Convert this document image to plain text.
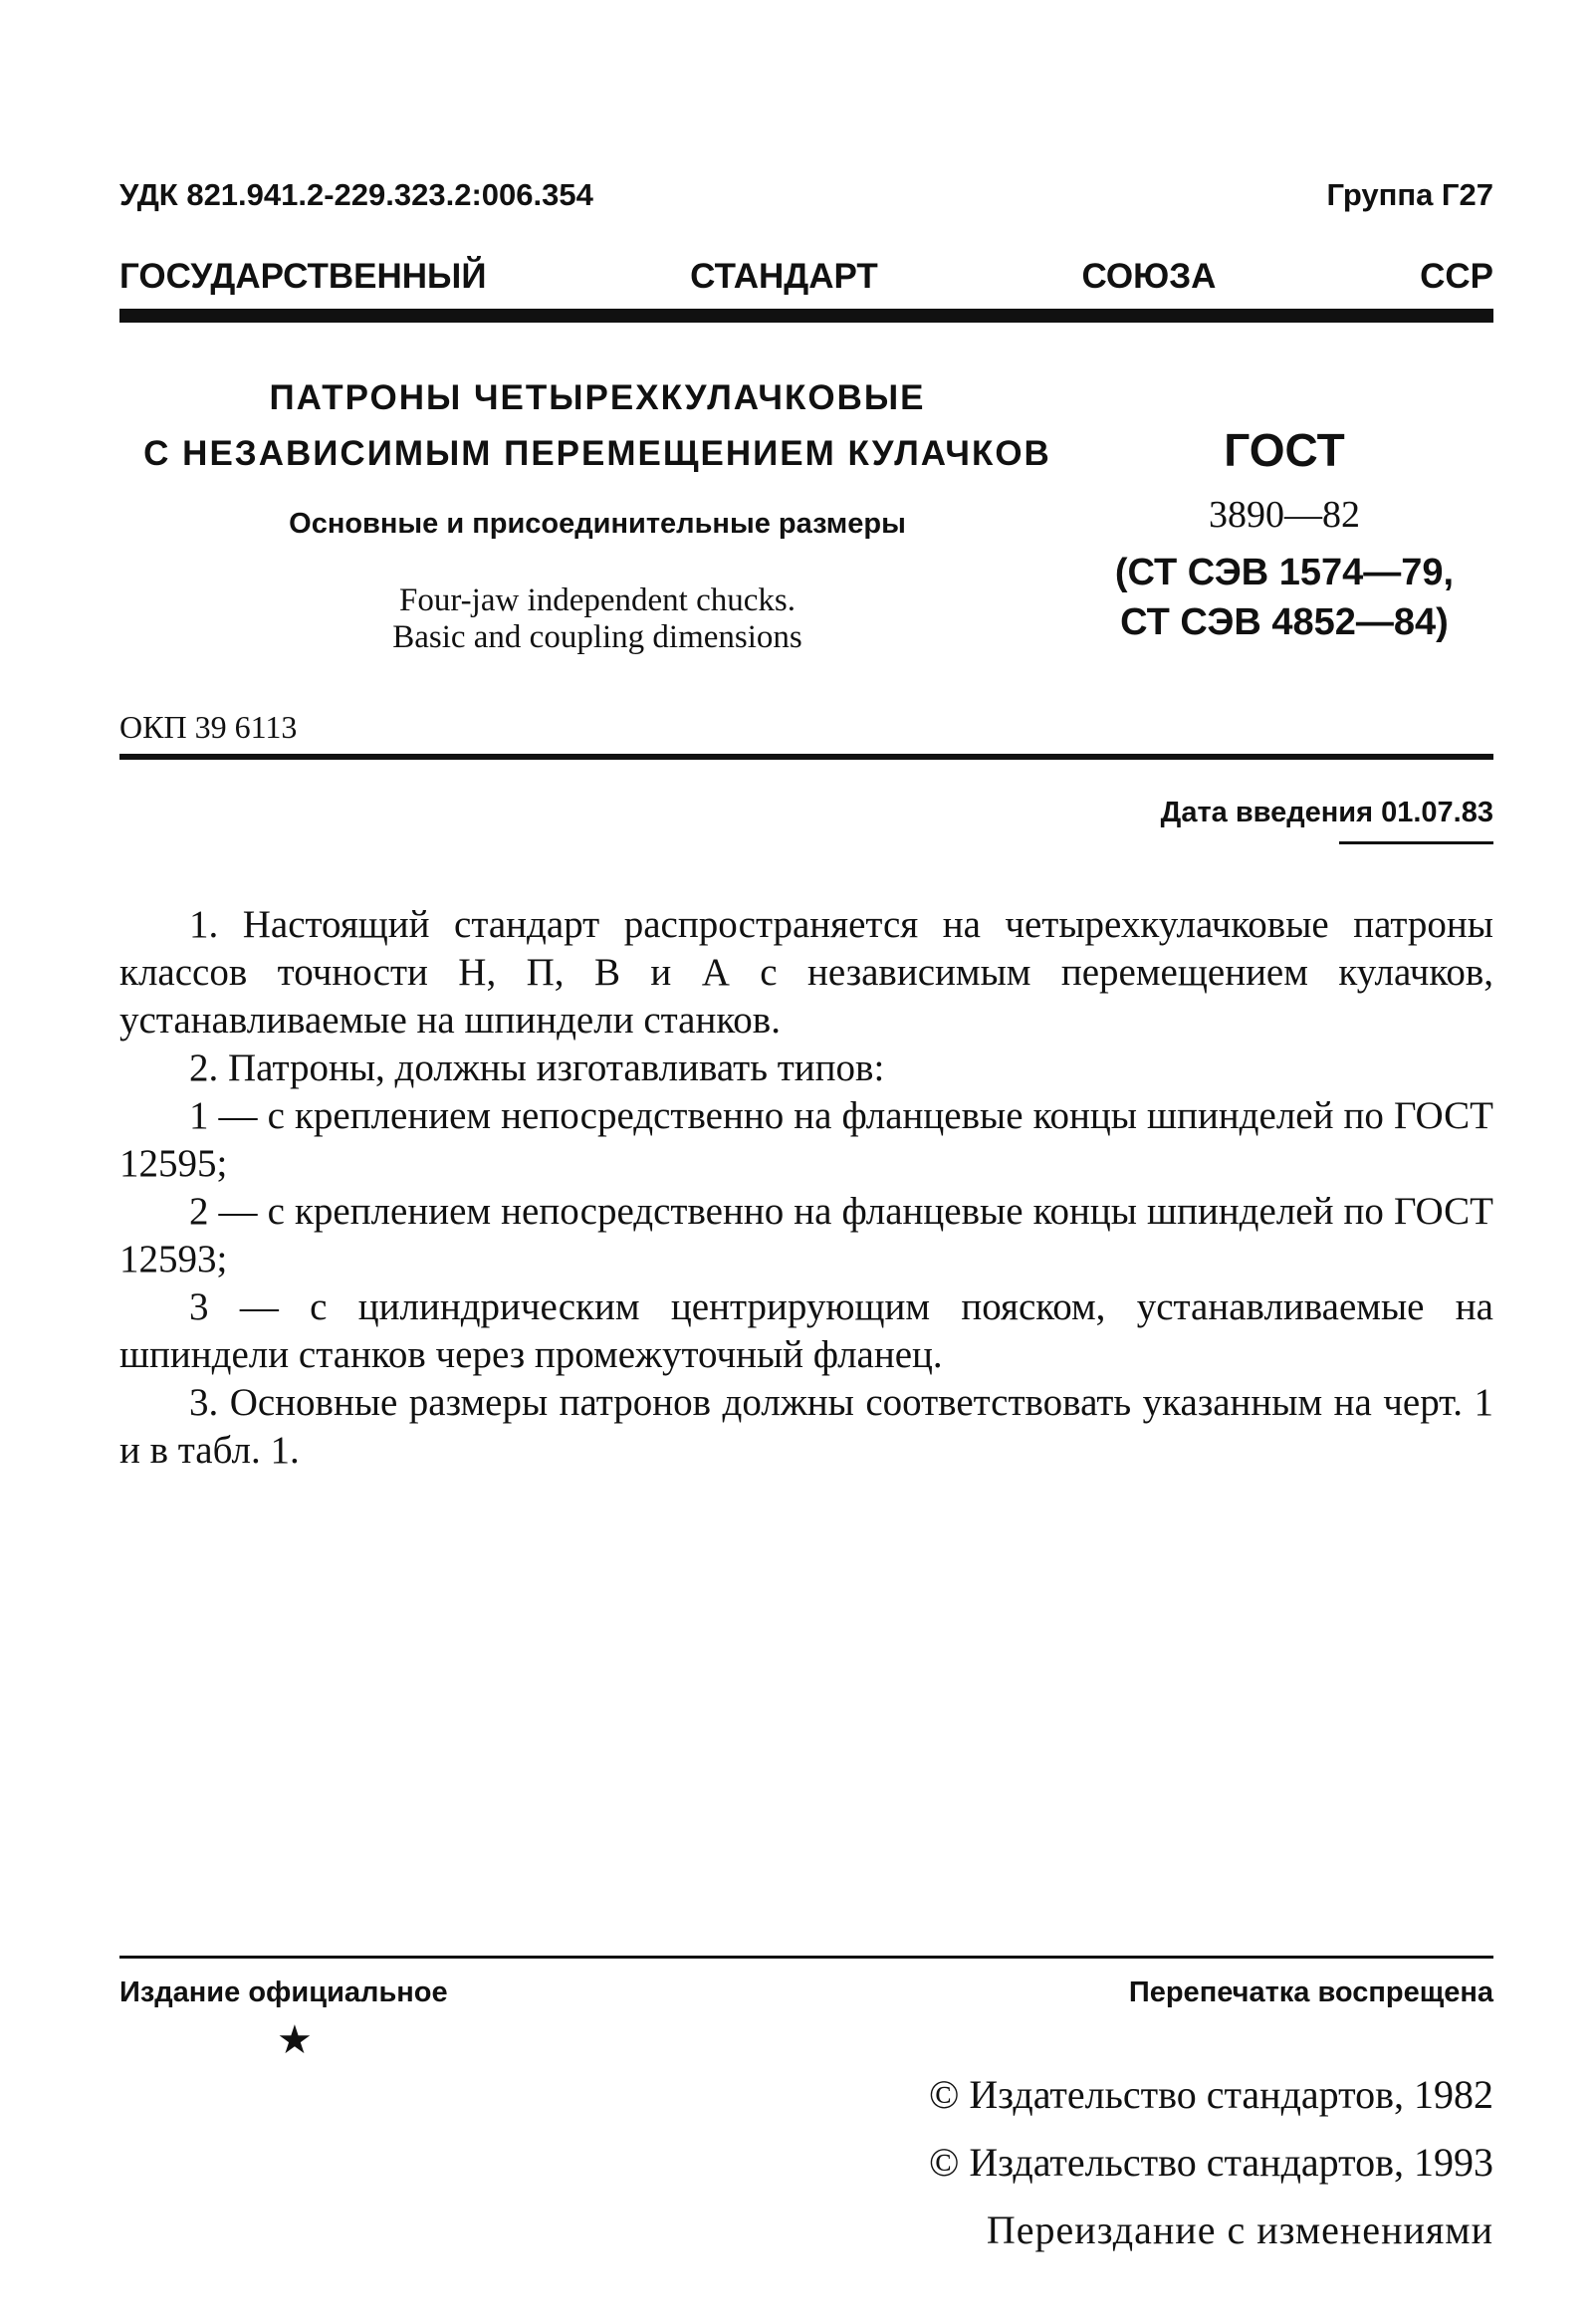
УДК 821.941.2-229.323.2:006.354	Группа Г27
ГОСУДАРСТВЕННЫЙ СТАНДАРТ СОЮЗА ССР
ПАТРОНЫ ЧЕТЫРЕХКУЛАЧКОВЫЕ
С НЕЗАВИСИМЫМ ПЕРЕМЕЩЕНИЕМ КУЛАЧКОВ
Основные и присоединительные размеры
Four-jaw independent chucks.
Basic and coupling dimensions
ГОСТ
3890—82
(СТ СЭВ 1574—79,
СТ СЭВ 4852—84)
ОКП 39 6113
Дата введения 01.07.83

1. Настоящий стандарт распространяется на четырехкулачковые патроны классов точности Н, П, В и А с независимым перемещением кулачков, устанавливаемые на шпиндели станков.

2. Патроны, должны изготавливать типов:

1 — с креплением непосредственно на фланцевые концы шпинделей по ГОСТ 12595;

2 — с креплением непосредственно на фланцевые концы шпинделей по ГОСТ 12593;

3 — с цилиндрическим центрирующим пояском, устанавливаемые на шпиндели станков через промежуточный фланец.

3. Основные размеры патронов должны соответствовать указанным на черт. 1 и в табл. 1.

Издание официальное
★
Перепечатка воспрещена
© Издательство стандартов, 1982
© Издательство стандартов, 1993
Переиздание с изменениями
